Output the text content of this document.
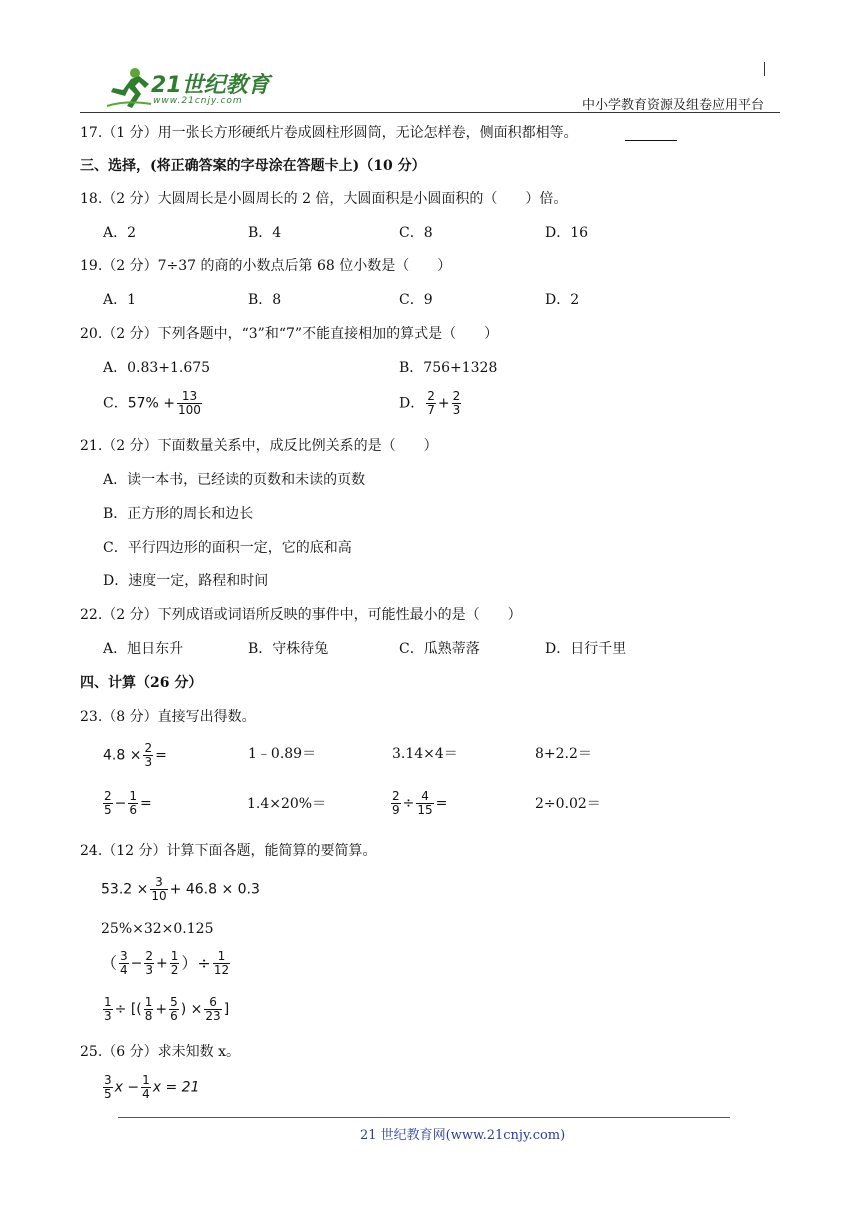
21世纪教育
www.21cnjy.com	中小学教育资源及组卷应用平台
17.（1 分）用一张长方形硬纸片卷成圆柱形圆筒，无论怎样卷，侧面积都相等。
三、选择，(将正确答案的字母涂在答题卡上)（10 分）
18.（2 分）大圆周长是小圆周长的 2 倍，大圆面积是小圆面积的（　　）倍。
A．2	B．4	C．8	D．16
19.（2 分）7÷37 的商的小数点后第 68 位小数是（　　）
A．1	B．8	C．9	D．2
20.（2 分）下列各题中，“3”和“7”不能直接相加的算式是（　　）
A．0.83+1.675	B．756+1328
C．$57\% + \frac{13}{100}$	D． $\frac{2}{7} + \frac{2}{3}$
21.（2 分）下面数量关系中，成反比例关系的是（　　）
A．读一本书，已经读的页数和未读的页数
B．正方形的周长和边长
C．平行四边形的面积一定，它的底和高
D．速度一定，路程和时间
22.（2 分）下列成语或词语所反映的事件中，可能性最小的是（　　）
A．旭日东升	B．守株待兔	C．瓜熟蒂落	D．日行千里
四、计算（26 分）
23.（8 分）直接写出得数。
$4.8 \times \frac{2}{3}$ =	1﹣0.89＝	3.14×4＝	8+2.2＝
$\frac{2}{5} - \frac{1}{6}$ =	1.4×20%＝	$\frac{2}{9} \div \frac{4}{15}$ =	2÷0.02＝
24.（12 分）计算下面各题，能简算的要简算。
$53.2 \times \frac{3}{10} + 46.8 \times 0.3$
25%×32×0.125
（ $\frac{3}{4} - \frac{2}{3} + \frac{1}{2}$ ）÷ $\frac{1}{12}$
$\frac{1}{3}$ ÷ [( $\frac{1}{8} + \frac{5}{6}$ ) × $\frac{6}{23}$ ]
25.（6 分）求未知数 x。
$\frac{3}{5}$ $x - \frac{1}{4}$ x = 21
21 世纪教育网(www.21cnjy.com)
